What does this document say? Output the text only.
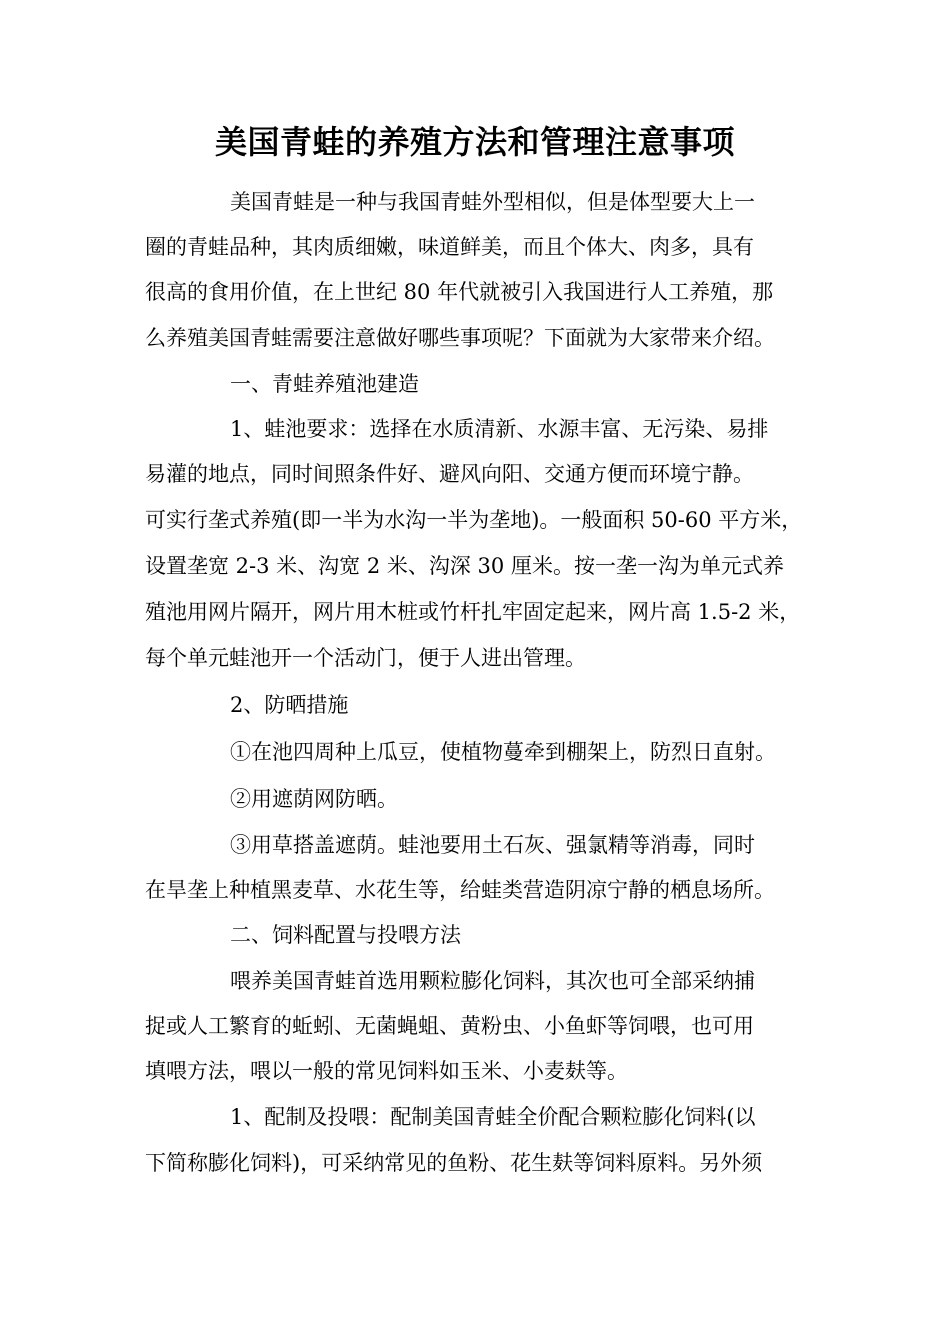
美国青蛙的养殖方法和管理注意事项
美国青蛙是一种与我国青蛙外型相似，但是体型要大上一
圈的青蛙品种，其肉质细嫩，味道鲜美，而且个体大、肉多，具有
很高的食用价值，在上世纪 80 年代就被引入我国进行人工养殖，那
么养殖美国青蛙需要注意做好哪些事项呢？下面就为大家带来介绍。
一、青蛙养殖池建造
1、蛙池要求：选择在水质清新、水源丰富、无污染、易排
易灌的地点，同时间照条件好、避风向阳、交通方便而环境宁静。
可实行垄式养殖(即一半为水沟一半为垄地)。一般面积 50-60 平方米，
设置垄宽 2-3 米、沟宽 2 米、沟深 30 厘米。按一垄一沟为单元式养
殖池用网片隔开，网片用木桩或竹杆扎牢固定起来，网片高 1.5-2 米，
每个单元蛙池开一个活动门，便于人进出管理。
2、防晒措施
①在池四周种上瓜豆，使植物蔓牵到棚架上，防烈日直射。
②用遮荫网防晒。
③用草搭盖遮荫。蛙池要用土石灰、强氯精等消毒，同时
在旱垄上种植黑麦草、水花生等，给蛙类营造阴凉宁静的栖息场所。
二、饲料配置与投喂方法
喂养美国青蛙首选用颗粒膨化饲料，其次也可全部采纳捕
捉或人工繁育的蚯蚓、无菌蝇蛆、黄粉虫、小鱼虾等饲喂，也可用
填喂方法，喂以一般的常见饲料如玉米、小麦麸等。
1、配制及投喂：配制美国青蛙全价配合颗粒膨化饲料(以
下简称膨化饲料)，可采纳常见的鱼粉、花生麸等饲料原料。另外须
